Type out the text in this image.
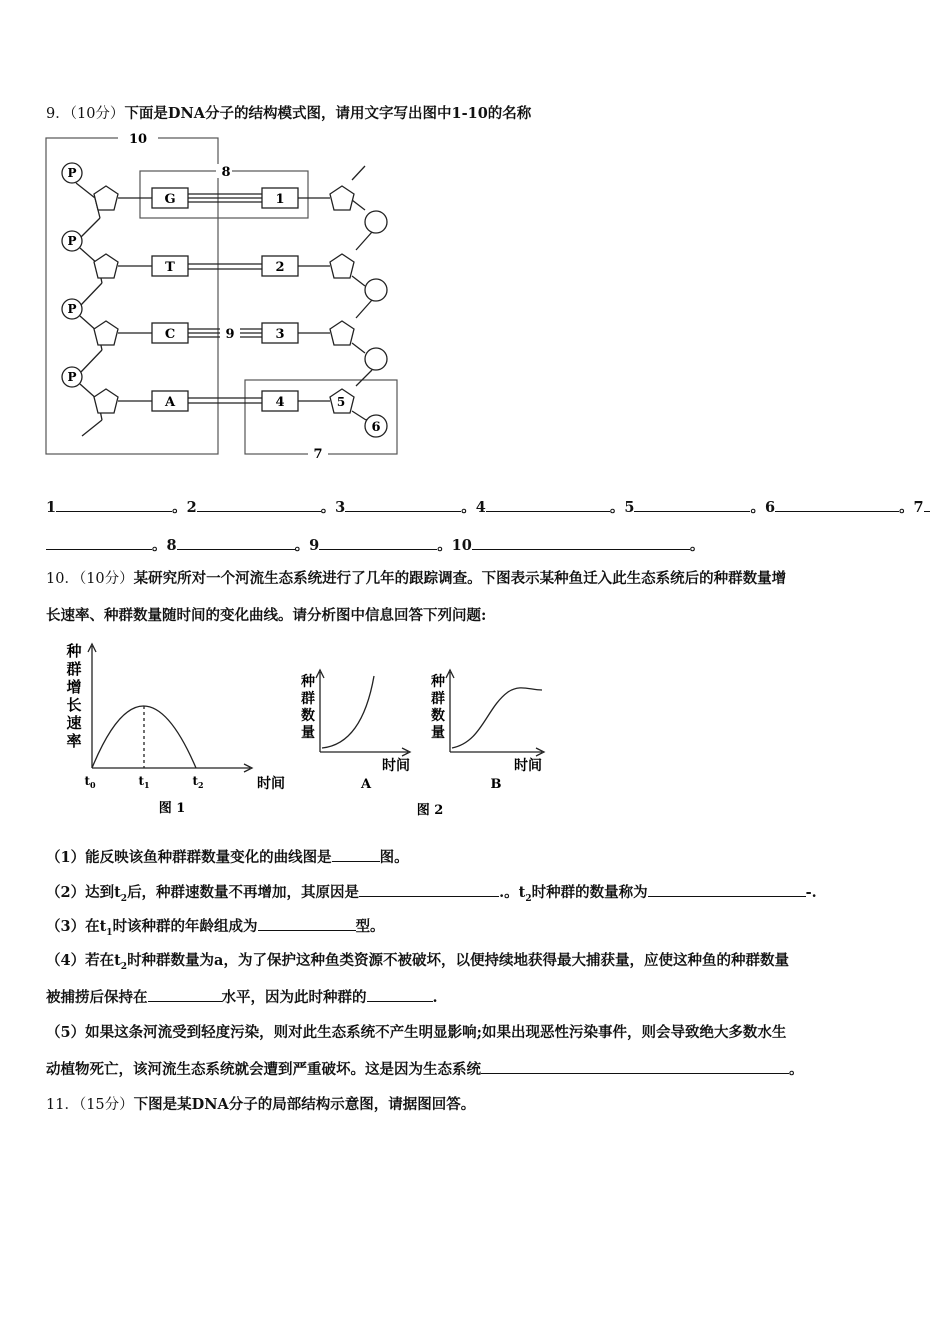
9．（10分）下面是DNA分子的结构模式图，请用文字写出图中1-10的名称
10
8
7
P
P
P
P
G
T
C
A
9
1
2
3
4	5
6
1	。2	。3	。4	。5	。6	。7
。8	。9	。10	。
10．（10分）某研究所对一个河流生态系统进行了几年的跟踪调查。下图表示某种鱼迁入此生态系统后的种群数量增
长速率、种群数量随时间的变化曲线。请分析图中信息回答下列问题:
种
群
增
长
速
率
时间
$t_0$	$t_1$	$t_2$
图 1
种
群
数
量
时间
A
种
群
数
量
时间
B
图 2
（1）能反映该鱼种群群数量变化的曲线图是	图。
（2）达到$t_2$后，种群速数量不再增加，其原因是	.。$t_2$时种群的数量称为	-.
（3）在$t_1$时该种群的年龄组成为	型。
（4）若在$t_2$时种群数量为a，为了保护这种鱼类资源不被破坏，以便持续地获得最大捕获量，应使这种鱼的种群数量
被捕捞后保持在	水平，因为此时种群的	.
（5）如果这条河流受到轻度污染，则对此生态系统不产生明显影响;如果出现恶性污染事件，则会导致绝大多数水生
动植物死亡，该河流生态系统就会遭到严重破坏。这是因为生态系统	。
11．（15分）下图是某DNA分子的局部结构示意图，请据图回答。
